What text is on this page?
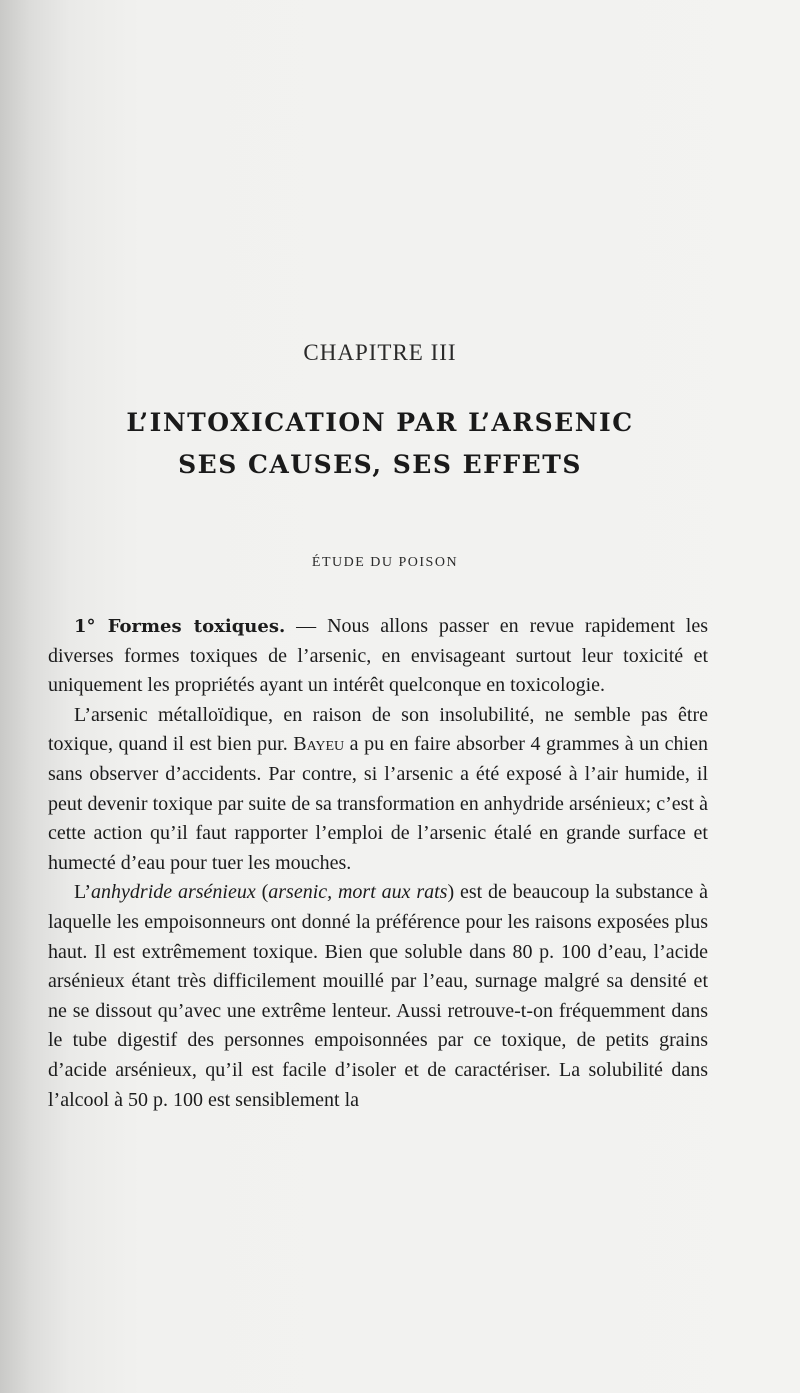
CHAPITRE III
L’INTOXICATION PAR L’ARSENIC
SES CAUSES, SES EFFETS
ÉTUDE DU POISON

1° Formes toxiques. — Nous allons passer en revue rapidement les diverses formes toxiques de l’arsenic, en envisageant surtout leur toxicité et uniquement les propriétés ayant un intérêt quelconque en toxicologie.

L’arsenic métalloïdique, en raison de son insolubilité, ne semble pas être toxique, quand il est bien pur. Bayeu a pu en faire absorber 4 grammes à un chien sans observer d’accidents. Par contre, si l’arsenic a été exposé à l’air humide, il peut devenir toxique par suite de sa transformation en anhydride arsénieux; c’est à cette action qu’il faut rapporter l’emploi de l’arsenic étalé en grande surface et humecté d’eau pour tuer les mouches.

L’anhydride arsénieux (arsenic, mort aux rats) est de beaucoup la substance à laquelle les empoisonneurs ont donné la préférence pour les raisons exposées plus haut. Il est extrêmement toxique. Bien que soluble dans 80 p. 100 d’eau, l’acide arsénieux étant très difficilement mouillé par l’eau, surnage malgré sa densité et ne se dissout qu’avec une extrême lenteur. Aussi retrouve-t-on fréquemment dans le tube digestif des personnes empoisonnées par ce toxique, de petits grains d’acide arsénieux, qu’il est facile d’isoler et de caractériser. La solubilité dans l’alcool à 50 p. 100 est sensiblement la
